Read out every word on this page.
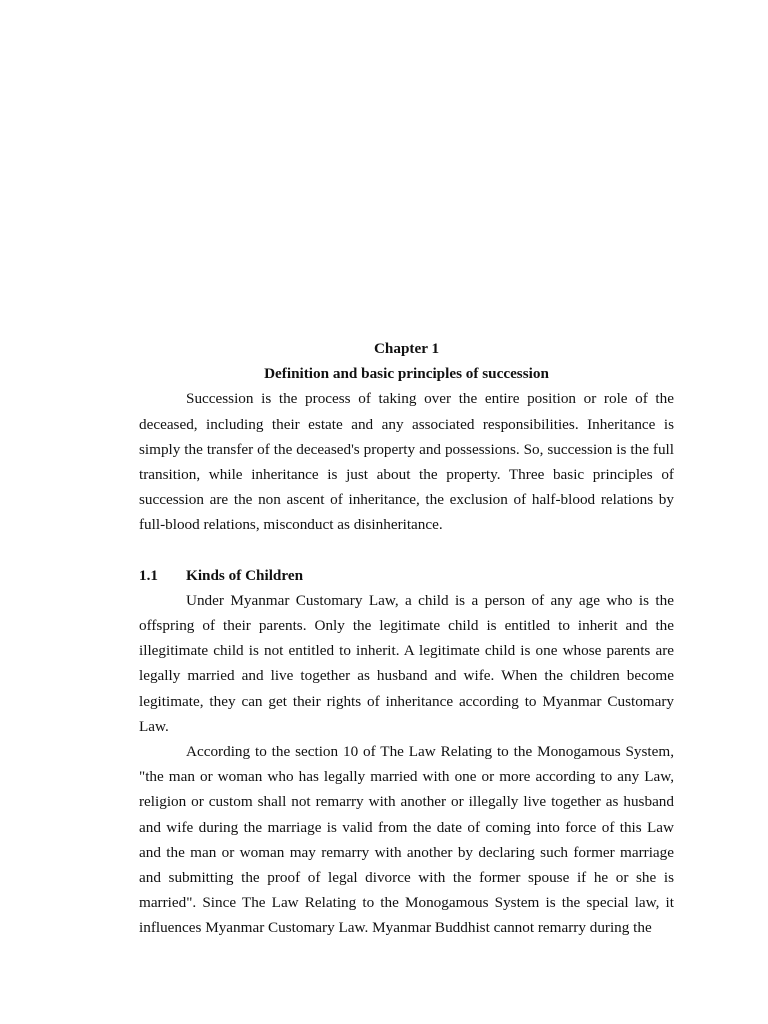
Chapter 1
Definition and basic principles of succession

Succession is the process of taking over the entire position or role of the deceased, including their estate and any associated responsibilities. Inheritance is simply the transfer of the deceased's property and possessions. So, succession is the full transition, while inheritance is just about the property. Three basic principles of succession are the non ascent of inheritance, the exclusion of half-blood relations by full-blood relations, misconduct as disinheritance.

1.1	Kinds of Children

Under Myanmar Customary Law, a child is a person of any age who is the offspring of their parents. Only the legitimate child is entitled to inherit and the illegitimate child is not entitled to inherit. A legitimate child is one whose parents are legally married and live together as husband and wife. When the children become legitimate, they can get their rights of inheritance according to Myanmar Customary Law.

According to the section 10 of The Law Relating to the Monogamous System, "the man or woman who has legally married with one or more according to any Law, religion or custom shall not remarry with another or illegally live together as husband and wife during the marriage is valid from the date of coming into force of this Law and the man or woman may remarry with another by declaring such former marriage and submitting the proof of legal divorce with the former spouse if he or she is married". Since The Law Relating to the Monogamous System is the special law, it influences Myanmar Customary Law. Myanmar Buddhist cannot remarry during the
